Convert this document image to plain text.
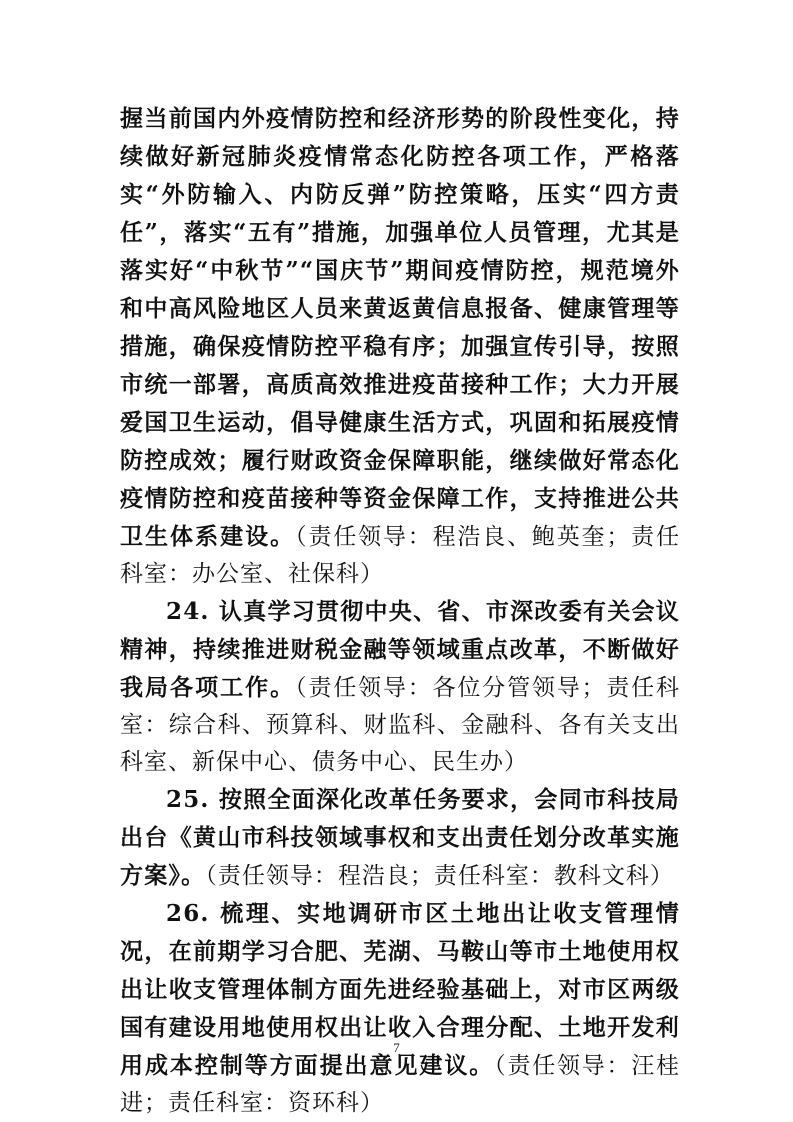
握当前国内外疫情防控和经济形势的阶段性变化，持续做好新冠肺炎疫情常态化防控各项工作，严格落实“外防输入、内防反弹”防控策略，压实“四方责任”，落实“五有”措施，加强单位人员管理，尤其是落实好“中秋节”“国庆节”期间疫情防控，规范境外和中高风险地区人员来黄返黄信息报备、健康管理等措施，确保疫情防控平稳有序；加强宣传引导，按照市统一部署，高质高效推进疫苗接种工作；大力开展爱国卫生运动，倡导健康生活方式，巩固和拓展疫情防控成效；履行财政资金保障职能，继续做好常态化疫情防控和疫苗接种等资金保障工作，支持推进公共卫生体系建设。（责任领导：程浩良、鲍英奎；责任科室：办公室、社保科）

24. 认真学习贯彻中央、省、市深改委有关会议精神，持续推进财税金融等领域重点改革，不断做好我局各项工作。（责任领导：各位分管领导；责任科室：综合科、预算科、财监科、金融科、各有关支出科室、新保中心、债务中心、民生办）

25. 按照全面深化改革任务要求，会同市科技局出台《黄山市科技领域事权和支出责任划分改革实施方案》。（责任领导：程浩良；责任科室：教科文科）

26. 梳理、实地调研市区土地出让收支管理情况，在前期学习合肥、芜湖、马鞍山等市土地使用权出让收支管理体制方面先进经验基础上，对市区两级国有建设用地使用权出让收入合理分配、土地开发利用成本控制等方面提出意见建议。（责任领导：汪桂进；责任科室：资环科）

7
